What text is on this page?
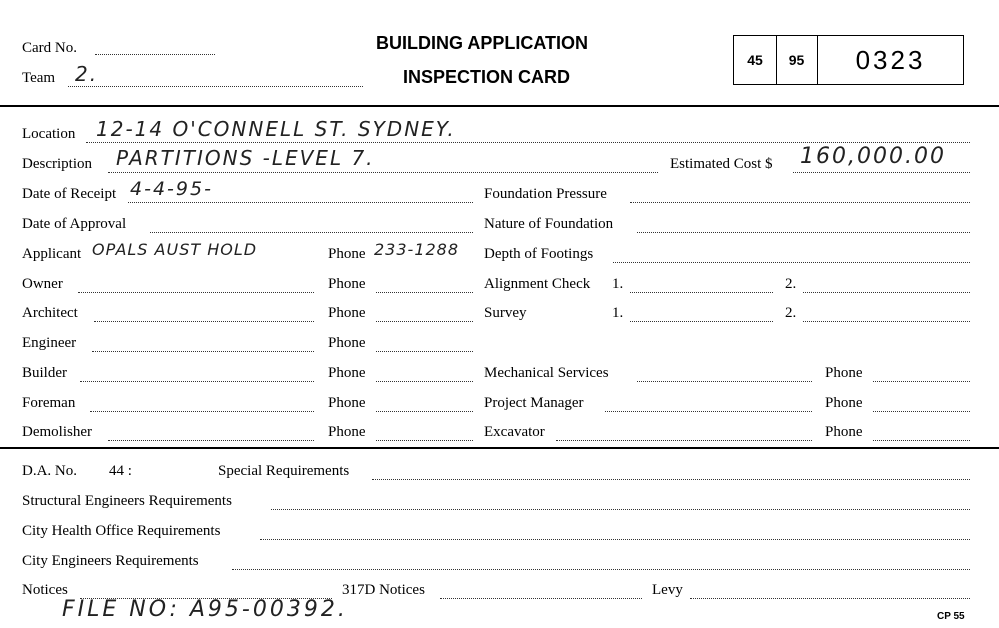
Card No.
Team 2.
BUILDING APPLICATION
INSPECTION CARD
45	95	0323
Location 12-14 O'CONNELL ST. SYDNEY.
Description PARTITIONS -LEVEL 7.	Estimated Cost $ 160,000.00
Date of Receipt 4-4-95-	Foundation Pressure
Date of Approval	Nature of Foundation
Applicant OPALS AUST HOLD	Phone 233-1288 Depth of Footings
Owner	Phone	Alignment Check 1.	2.
Architect	Phone	Survey	1.	2.
Engineer	Phone
Builder	Phone	Mechanical Services	Phone
Foreman	Phone	Project Manager	Phone
Demolisher	Phone	Excavator	Phone
D.A. No. 44 :	Special Requirements
Structural Engineers Requirements
City Health Office Requirements
City Engineers Requirements
Notices	317D Notices	Levy
FILE NO: A95-00392.	CP 55
